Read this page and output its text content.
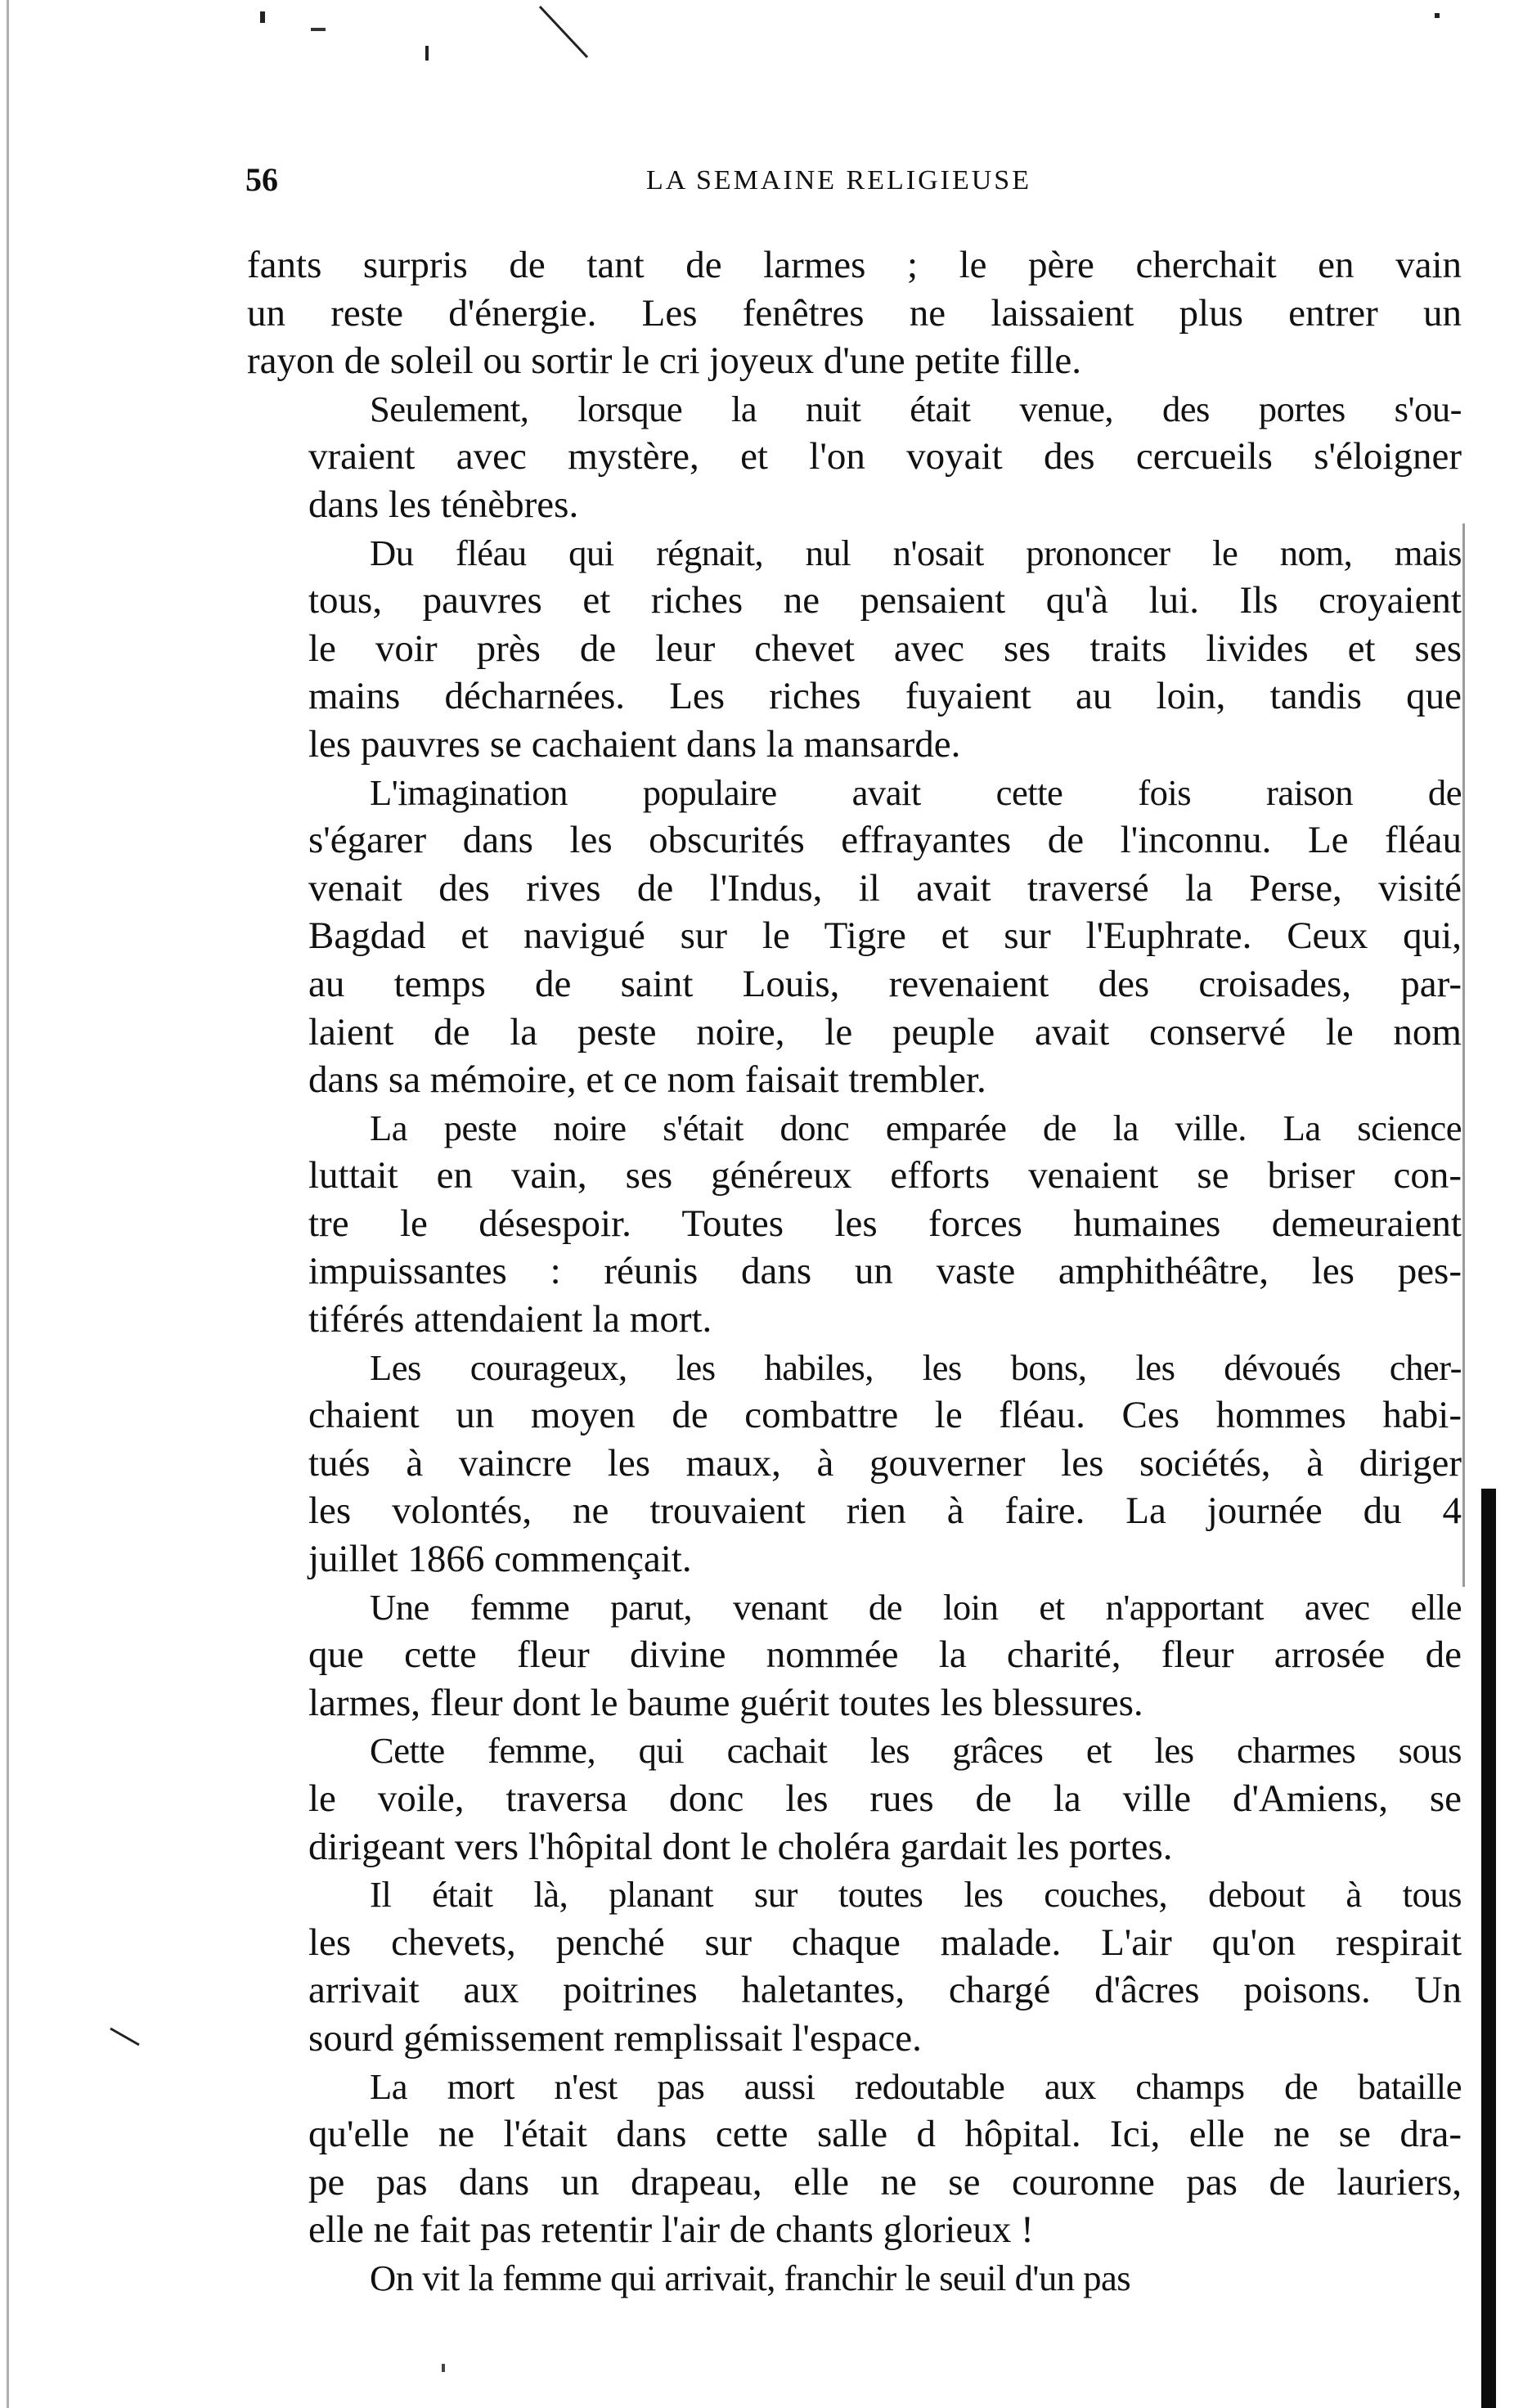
56	LA SEMAINE RELIGIEUSE
fants surpris de tant de larmes ; le père cherchait en vain
un reste d'énergie. Les fenêtres ne laissaient plus entrer un
rayon de soleil ou sortir le cri joyeux d'une petite fille.
Seulement, lorsque la nuit était venue, des portes s'ou-
vraient avec mystère, et l'on voyait des cercueils s'éloigner
dans les ténèbres.
Du fléau qui régnait, nul n'osait prononcer le nom, mais
tous, pauvres et riches ne pensaient qu'à lui. Ils croyaient
le voir près de leur chevet avec ses traits livides et ses
mains décharnées. Les riches fuyaient au loin, tandis que
les pauvres se cachaient dans la mansarde.
L'imagination populaire avait cette fois raison de
s'égarer dans les obscurités effrayantes de l'inconnu. Le fléau
venait des rives de l'Indus, il avait traversé la Perse, visité
Bagdad et navigué sur le Tigre et sur l'Euphrate. Ceux qui,
au temps de saint Louis, revenaient des croisades, par-
laient de la peste noire, le peuple avait conservé le nom
dans sa mémoire, et ce nom faisait trembler.
La peste noire s'était donc emparée de la ville. La science
luttait en vain, ses généreux efforts venaient se briser con-
tre le désespoir. Toutes les forces humaines demeuraient
impuissantes : réunis dans un vaste amphithéâtre, les pes-
tiférés attendaient la mort.
Les courageux, les habiles, les bons, les dévoués cher-
chaient un moyen de combattre le fléau. Ces hommes habi-
tués à vaincre les maux, à gouverner les sociétés, à diriger
les volontés, ne trouvaient rien à faire. La journée du 4
juillet 1866 commençait.
Une femme parut, venant de loin et n'apportant avec elle
que cette fleur divine nommée la charité, fleur arrosée de
larmes, fleur dont le baume guérit toutes les blessures.
Cette femme, qui cachait les grâces et les charmes sous
le voile, traversa donc les rues de la ville d'Amiens, se
dirigeant vers l'hôpital dont le choléra gardait les portes.
Il était là, planant sur toutes les couches, debout à tous
les chevets, penché sur chaque malade. L'air qu'on respirait
arrivait aux poitrines haletantes, chargé d'âcres poisons. Un
sourd gémissement remplissait l'espace.
La mort n'est pas aussi redoutable aux champs de bataille
qu'elle ne l'était dans cette salle d hôpital. Ici, elle ne se dra-
pe pas dans un drapeau, elle ne se couronne pas de lauriers,
elle ne fait pas retentir l'air de chants glorieux !
On vit la femme qui arrivait, franchir le seuil d'un pas
